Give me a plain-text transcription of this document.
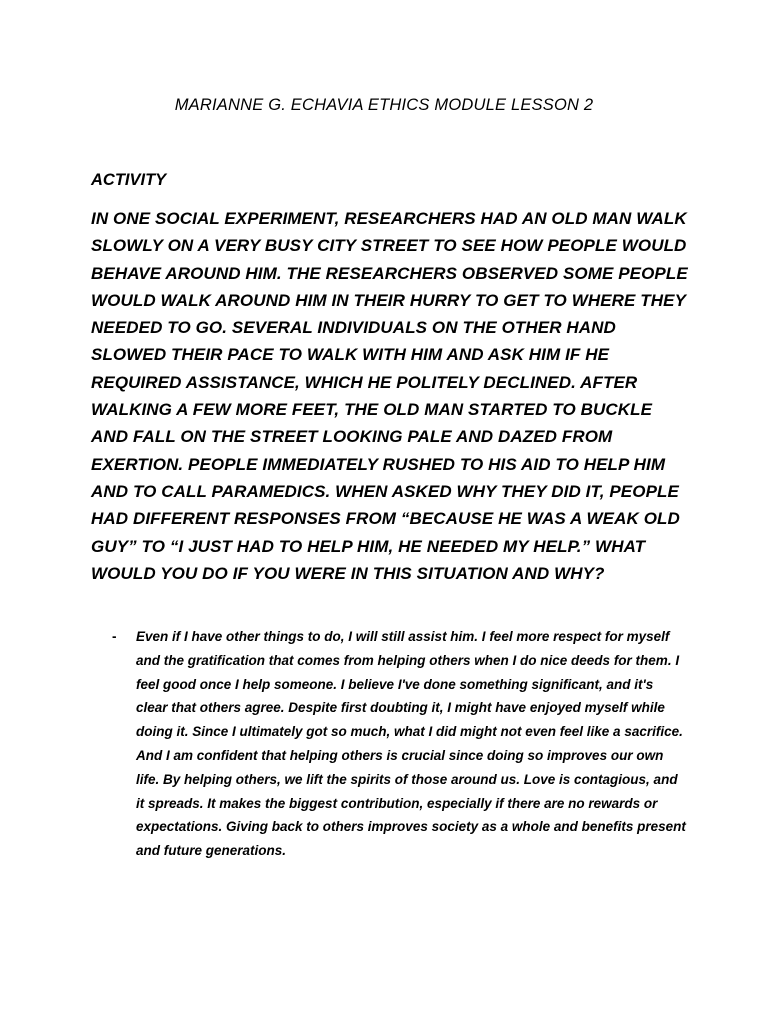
MARIANNE G. ECHAVIA ETHICS MODULE LESSON 2

ACTIVITY

IN ONE SOCIAL EXPERIMENT, RESEARCHERS HAD AN OLD MAN WALK SLOWLY ON A VERY BUSY CITY STREET TO SEE HOW PEOPLE WOULD BEHAVE AROUND HIM. THE RESEARCHERS OBSERVED SOME PEOPLE WOULD WALK AROUND HIM IN THEIR HURRY TO GET TO WHERE THEY NEEDED TO GO. SEVERAL INDIVIDUALS ON THE OTHER HAND SLOWED THEIR PACE TO WALK WITH HIM AND ASK HIM IF HE REQUIRED ASSISTANCE, WHICH HE POLITELY DECLINED. AFTER WALKING A FEW MORE FEET, THE OLD MAN STARTED TO BUCKLE AND FALL ON THE STREET LOOKING PALE AND DAZED FROM EXERTION. PEOPLE IMMEDIATELY RUSHED TO HIS AID TO HELP HIM AND TO CALL PARAMEDICS. WHEN ASKED WHY THEY DID IT, PEOPLE HAD DIFFERENT RESPONSES FROM “BECAUSE HE WAS A WEAK OLD GUY” TO “I JUST HAD TO HELP HIM, HE NEEDED MY HELP.” WHAT WOULD YOU DO IF YOU WERE IN THIS SITUATION AND WHY?

- Even if I have other things to do, I will still assist him. I feel more respect for myself and the gratification that comes from helping others when I do nice deeds for them. I feel good once I help someone. I believe I've done something significant, and it's clear that others agree. Despite first doubting it, I might have enjoyed myself while doing it. Since I ultimately got so much, what I did might not even feel like a sacrifice. And I am confident that helping others is crucial since doing so improves our own life. By helping others, we lift the spirits of those around us. Love is contagious, and it spreads. It makes the biggest contribution, especially if there are no rewards or expectations. Giving back to others improves society as a whole and benefits present and future generations.
